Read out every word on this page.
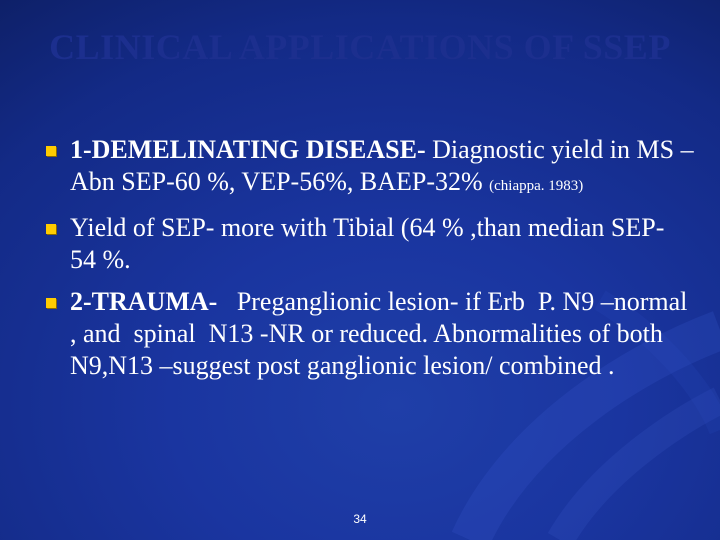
CLINICAL APPLICATIONS OF SSEP
1-DEMELINATING DISEASE- Diagnostic yield in MS – Abn SEP-60 %, VEP-56%, BAEP-32% (chiappa. 1983)
Yield of SEP- more with Tibial (64 % ,than median SEP- 54 %.
2-TRAUMA-   Preganglionic lesion- if Erb  P. N9 –normal , and  spinal  N13 -NR or reduced. Abnormalities of both N9,N13 –suggest post ganglionic lesion/ combined .
34
